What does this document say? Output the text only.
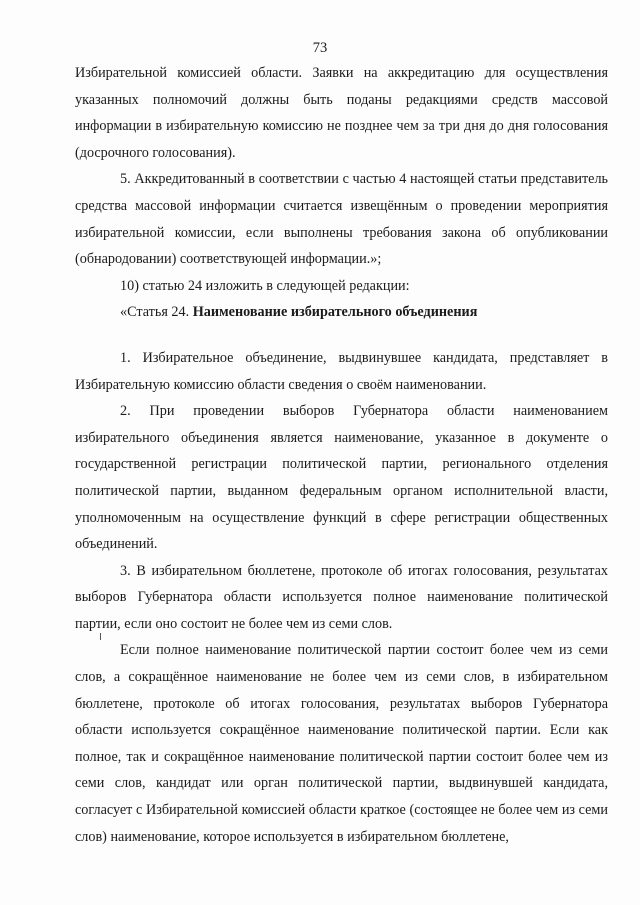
73

Избирательной комиссией области. Заявки на аккредитацию для осуществления указанных полномочий должны быть поданы редакциями средств массовой информации в избирательную комиссию не позднее чем за три дня до дня голосования (досрочного голосования).

5. Аккредитованный в соответствии с частью 4 настоящей статьи представитель средства массовой информации считается извещённым о проведении мероприятия избирательной комиссии, если выполнены требования закона об опубликовании (обнародовании) соответствующей информации.»;

10) статью 24 изложить в следующей редакции:

«Статья 24. Наименование избирательного объединения

1. Избирательное объединение, выдвинувшее кандидата, представляет в Избирательную комиссию области сведения о своём наименовании.

2. При проведении выборов Губернатора области наименованием избирательного объединения является наименование, указанное в документе о государственной регистрации политической партии, регионального отделения политической партии, выданном федеральным органом исполнительной власти, уполномоченным на осуществление функций в сфере регистрации общественных объединений.

3. В избирательном бюллетене, протоколе об итогах голосования, результатах выборов Губернатора области используется полное наименование политической партии, если оно состоит не более чем из семи слов.

Если полное наименование политической партии состоит более чем из семи слов, а сокращённое наименование не более чем из семи слов, в избирательном бюллетене, протоколе об итогах голосования, результатах выборов Губернатора области используется сокращённое наименование политической партии. Если как полное, так и сокращённое наименование политической партии состоит более чем из семи слов, кандидат или орган политической партии, выдвинувшей кандидата, согласует с Избирательной комиссией области краткое (состоящее не более чем из семи слов) наименование, которое используется в избирательном бюллетене,
